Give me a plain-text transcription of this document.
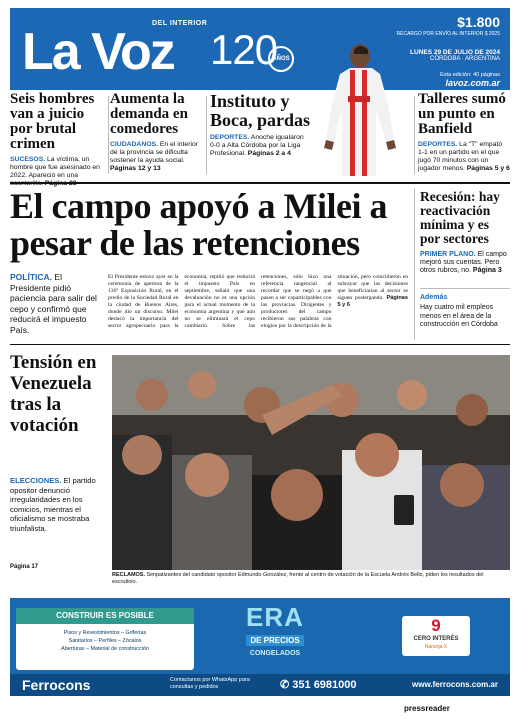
La Voz
DEL INTERIOR
120
AÑOS
$1.800
RECARGO POR ENVÍO AL INTERIOR $ 2025
LUNES 29 DE JULIO DE 2024
CÓRDOBA · ARGENTINA
Esta edición: 40 páginas
lavoz.com.ar
Seis hombres van a juicio por brutal crimen

SUCESOS. La víctima, un hombre que fue asesinado en 2022. Apareció en una

Aumenta la demanda en comedores

CIUDADANOS. En el interior de la provincia se dificulta sostener la ayuda social. Páginas 12 y 13

Instituto y Boca, pardas

DEPORTES. Anoche igualaron 0-0 a Alta Córdoba por la Liga Profesional. Páginas 2 a 4

Talleres sumó un punto en Banfield

DEPORTES. La "T" empató 1-1 en un partido en el que jugó 70 minutos con un jugador menos. Páginas 5 y 6

El campo apoyó a Milei a pesar de las retenciones

POLÍTICA. El Presidente pidió paciencia para salir del cepo y confirmó que reducirá el impuesto País.

El Presidente estuvo ayer en la ceremonia de apertura de la 136ª Exposición Rural, en el predio de la Sociedad Rural en la ciudad de Buenos Aires, donde dio un discurso. Milei destacó la importancia del sector agropecuario para la economía, repitió que reducirá el impuesto País en septiembre, señaló que una devaluación no es una opción para el actual momento de la economía argentina y que aún no se eliminará el cepo cambiario. Sobre las retenciones, sólo hizo una referencia tangencial al recordar que se negó a que pasen a ser coparticipables con las provincias. Dirigentes y productores del campo recibieron sus palabras con elogios por la descripción de la situación, pero coincidieron en subrayar que las decisiones que beneficiarían al sector se siguen postergando. Páginas 5 y 6
Recesión: hay reactivación mínima y es por sectores

PRIMER PLANO. El campo mejoró sus cuentas. Pero otros rubros, no. Página 3

Además
Hay cuatro mil empleos menos en el área de la construcción en Córdoba
Tensión en Venezuela tras la votación

ELECCIONES. El partido opositor denunció irregularidades en los comicios, mientras el oficialismo se mostraba triunfalista.

Página 17

RECLAMOS. Simpatizantes del candidato opositor Edmundo González, frente al centro de votación de la Escuela Andrés Bello, piden los resultados del escrutinio.

CONSTRUIR ES POSIBLE
Pisos y Revestimientos – Griferías
Sanitarios – Perfiles – Zócalos
Aberturas – Material de construcción
ERA
DE PRECIOS
CONGELADOS
9
CERO INTERÉS
Naranja X
Ferrocons	Contactanos por WhatsApp para consultas y pedidos	✆ 351 6981000	www.ferrocons.com.ar
pressreader
